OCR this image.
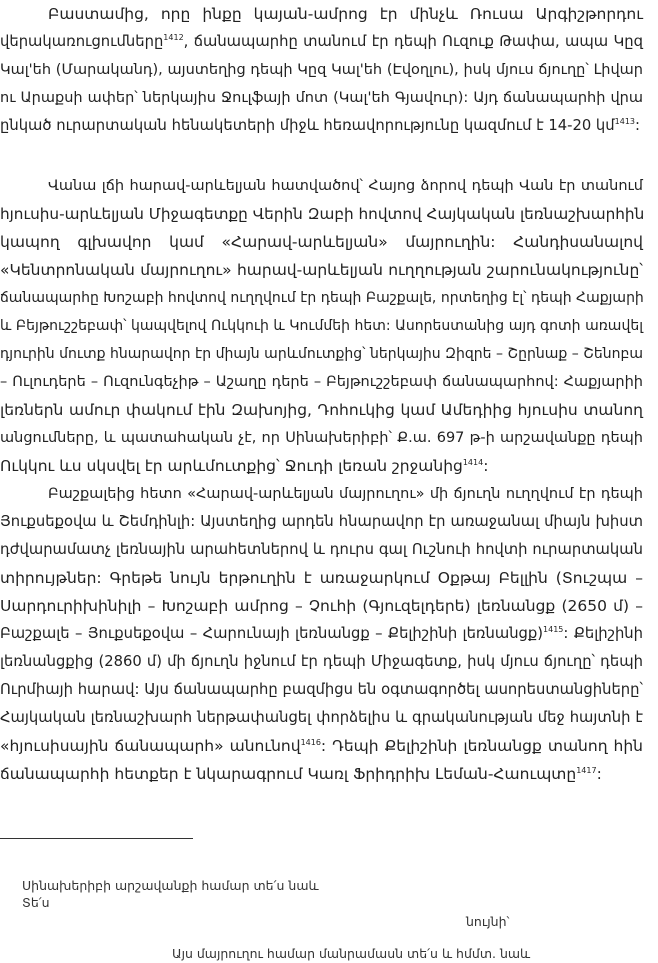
Բաստամից, որը ինքը կայան-ամրոց էր մինչև Ռուսա Արգիշթորդու
վերակառուցումները$^{1412}$, ճանապարհը տանում էր դեպի Ուզուք Թափա, ապա Կըզ
Կալ'եհ (Մարականդ), այստեղից դեպի Կըզ Կալ'եհ (Էվօղլու), իսկ մյուս ճյուղը՝ Լիվար
ու Արաքսի ափեր՝ ներկայիս Ջուլֆայի մոտ (Կալ'եհ Գյավուր): Այդ ճանապարհի վրա
ընկած ուրարտական հենակետերի միջև հեռավորությունը կազմում է 14-20 կմ$^{1413}$:
Վանա լճի հարավ-արևելյան հատվածով՝ Հայոց ձորով դեպի Վան էր տանում
հյուսիս-արևելյան Միջագետքը Վերին Զաբի հովտով Հայկական լեռնաշխարհին
կապող գլխավոր կամ «Հարավ-արևելյան» մայրուղին: Հանդիսանալով
«Կենտրոնական մայրուղու» հարավ-արևելյան ուղղության շարունակությունը՝
ճանապարհը Խոշաբի հովտով ուղղվում էր դեպի Բաշքալե, որտեղից էլ՝ դեպի Հաքյարի
և Բեյթուշշեբափ՝ կապվելով Ուկկուի և Կումմեի հետ: Ասորեստանից այդ գոտի առավել
դյուրին մուտք հնարավոր էր միայն արևմուտքից՝ ներկայիս Զիզրե – Շըրնաք – Շենոբա
– Ուլուդերե – Ուզունգեչիթ – Աշաղը դերե – Բեյթուշշեբափ ճանապարհով: Հաքյարիի
լեռներն ամուր փակում էին Զախոյից, Դոհուկից կամ Ամեդիից հյուսիս տանող
անցումները, և պատահական չէ, որ Սինախերիբի՝ Ք.ա. 697 թ-ի արշավանքը դեպի
Ուկկու ևս սկսվել էր արևմուտքից՝ Ջուդի լեռան շրջանից$^{1414}$:
Բաշքալեից հետո «Հարավ-արևելյան մայրուղու» մի ճյուղն ուղղվում էր դեպի
Յուքսեքօվա և Շեմդինլի: Այստեղից արդեն հնարավոր էր առաջանալ միայն խիստ
դժվարամատչ լեռնային արահետներով և դուրս գալ Ուշնուի հովտի ուրարտական
տիրույթներ: Գրեթե նույն երթուղին է առաջարկում Օքթայ Բելլին (Տուշպա –
Սարդուրիխինիլի – Խոշաբի ամրոց – Չուհի (Գյուզելդերե) լեռնանցք (2650 մ) –
Բաշքալե – Յուքսեքօվա – Հարունայի լեռնանցք – Քելիշինի լեռնանցք)$^{1415}$: Քելիշինի
լեռնանցքից (2860 մ) մի ճյուղն իջնում էր դեպի Միջագետք, իսկ մյուս ճյուղը՝ դեպի
Ուրմիայի հարավ: Այս ճանապարհը բազմիցս են օգտագործել ասորեստանցիները՝
Հայկական լեռնաշխարհ ներթափանցել փորձելիս և գրականության մեջ հայտնի է
«հյուսիսային ճանապարհ» անունով$^{1416}$: Դեպի Քելիշինի լեռնանցք տանող հին
ճանապարհի հետքեր է նկարագրում Կառլ Ֆրիդրիխ Լեման-Հաուպտը$^{1417}$:
Սինախերիբի արշավանքի համար տե՛ս նաև
Տե՛ս
նույնի՝
Այս մայրուղու համար մանրամասն տե՛ս և հմմտ. նաև
